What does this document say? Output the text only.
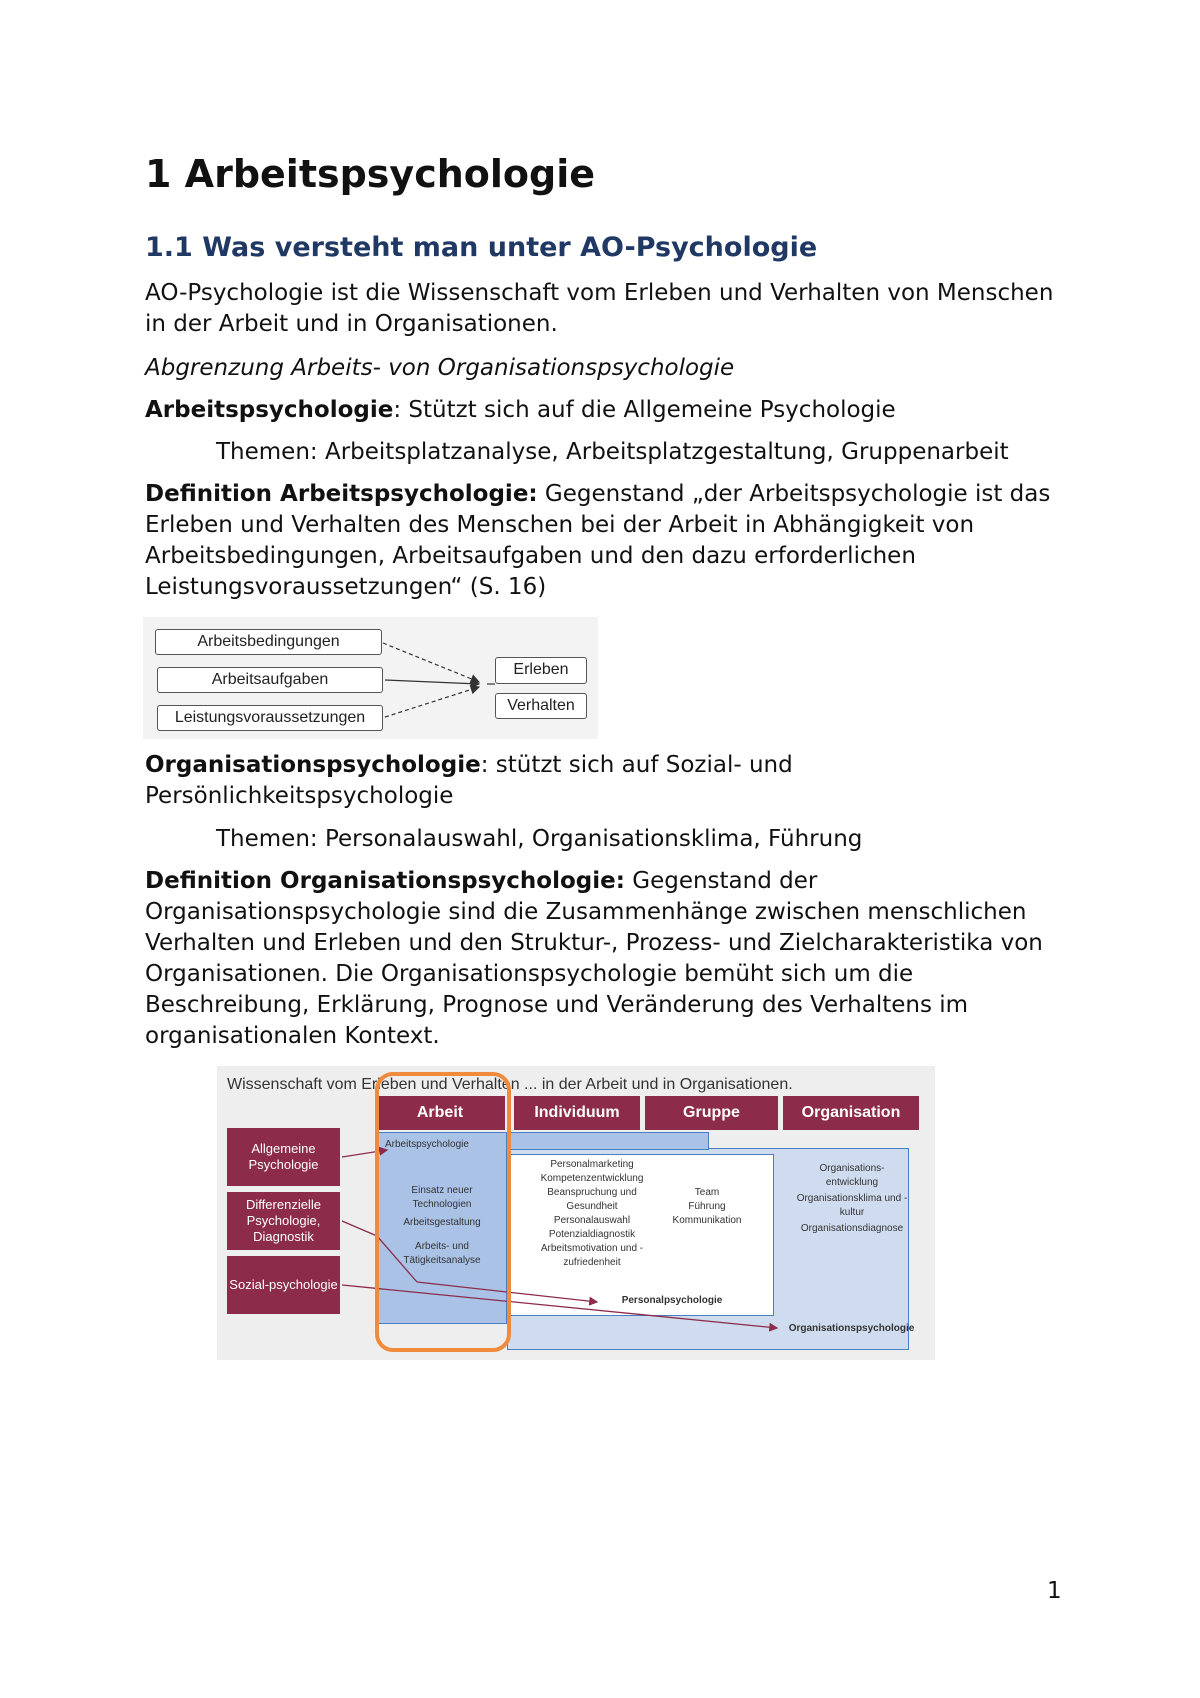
1 Arbeitspsychologie
1.1 Was versteht man unter AO-Psychologie
AO-Psychologie ist die Wissenschaft vom Erleben und Verhalten von Menschen in der Arbeit und in Organisationen.
Abgrenzung Arbeits- von Organisationspsychologie
Arbeitspsychologie: Stützt sich auf die Allgemeine Psychologie
Themen: Arbeitsplatzanalyse, Arbeitsplatzgestaltung, Gruppenarbeit
Definition Arbeitspsychologie: Gegenstand „der Arbeitspsychologie ist das Erleben und Verhalten des Menschen bei der Arbeit in Abhängigkeit von Arbeitsbedingungen, Arbeitsaufgaben und den dazu erforderlichen Leistungsvoraussetzungen“ (S. 16)
Arbeitsbedingungen
Arbeitsaufgaben
Leistungsvoraussetzungen
Erleben
Verhalten
Organisationspsychologie: stützt sich auf Sozial- und Persönlichkeitspsychologie
Themen: Personalauswahl, Organisationsklima, Führung
Definition Organisationspsychologie: Gegenstand der Organisationspsychologie sind die Zusammenhänge zwischen menschlichen Verhalten und Erleben und den Struktur-, Prozess- und Zielcharakteristika von Organisationen. Die Organisationspsychologie bemüht sich um die Beschreibung, Erklärung, Prognose und Veränderung des Verhaltens im organisationalen Kontext.
Wissenschaft vom Erleben und Verhalten ... in der Arbeit und in Organisationen.
Arbeit	Individuum	Gruppe	Organisation
Allgemeine Psychologie
Differenzielle Psychologie, Diagnostik
Sozial-psychologie
Arbeitspsychologie
Einsatz neuer Technologien
Arbeitsgestaltung
Arbeits- und Tätigkeitsanalyse
Personalmarketing
Kompetenzentwicklung
Beanspruchung und Gesundheit
Personalauswahl
Potenzialdiagnostik
Arbeitsmotivation und -zufriedenheit
Team
Führung
Kommunikation
Organisations-entwicklung
Organisationsklima und -kultur
Organisationsdiagnose
Personalpsychologie
Organisationspsychologie
1
